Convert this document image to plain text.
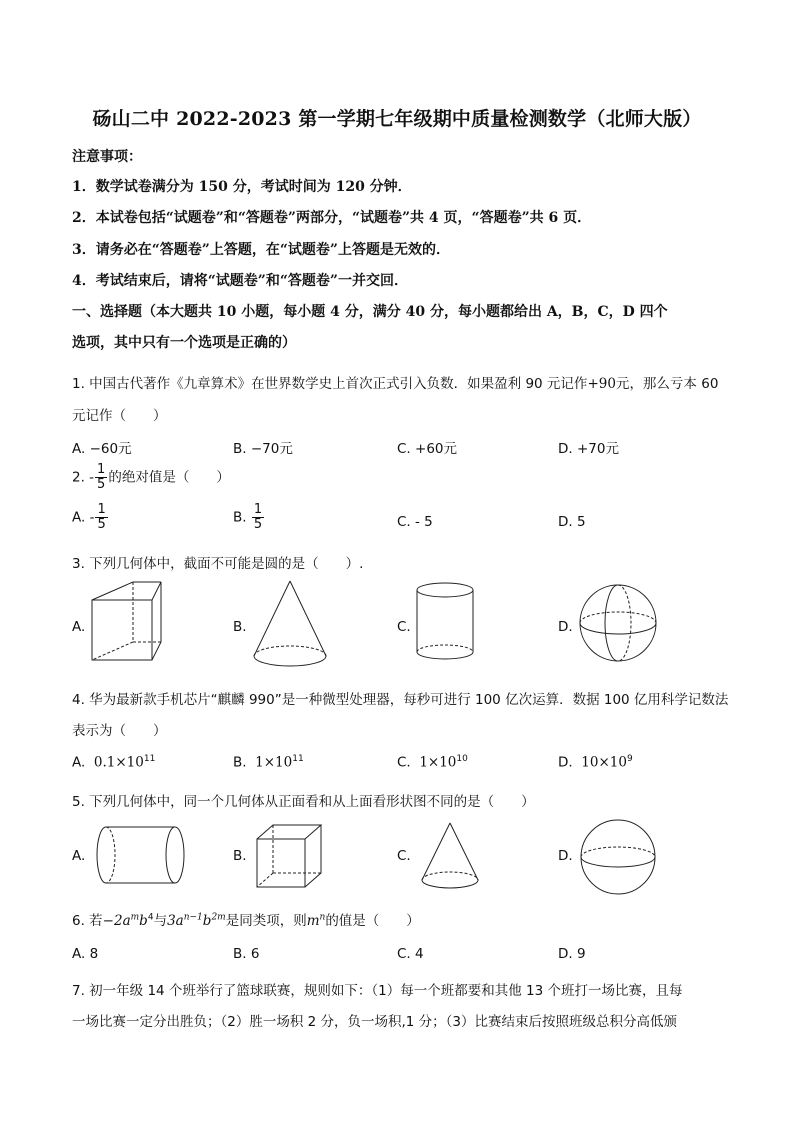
砀山二中 2022-2023 第一学期七年级期中质量检测数学（北师大版）
注意事项：
1．数学试卷满分为 150 分，考试时间为 120 分钟．
2．本试卷包括“试题卷”和“答题卷”两部分，“试题卷”共 4 页，“答题卷”共 6 页．
3．请务必在“答题卷”上答题，在“试题卷”上答题是无效的．
4．考试结束后，请将“试题卷”和“答题卷”一并交回．
一、选择题（本大题共 10 小题，每小题 4 分，满分 40 分，每小题都给出 A，B，C，D 四个
选项，其中只有一个选项是正确的）
1. 中国古代著作《九章算术》在世界数学史上首次正式引入负数．如果盈利 90 元记作+90元，那么亏本 60
元记作（　　）
A. −60元	B. −70元	C. +60元	D. +70元
2. - $\frac{1}{5}$ 的绝对值是（　　）
A. - $\frac{1}{5}$	B. $\frac{1}{5}$	C. - 5	D. 5
3. 下列几何体中，截面不可能是圆的是（　　）.
A.	B.	C.	D.
4. 华为最新款手机芯片“麒麟 990”是一种微型处理器，每秒可进行 100 亿次运算．数据 100 亿用科学记数法
表示为（　　）
A. $0.1\times 10^{11}$	B. $1\times 10^{11}$	C. $1\times 10^{10}$	D. $10\times 10^9$
5. 下列几何体中，同一个几何体从正面看和从上面看形状图不同的是（　　）
A.	B.	C.	D.
6. 若$-2a^mb^4$与$3a^{n-1}b^{2m}$是同类项，则$m^n$的值是（　　）
A. 8	B. 6	C. 4	D. 9
7. 初一年级 14 个班举行了篮球联赛，规则如下：（1）每一个班都要和其他 13 个班打一场比赛，且每
一场比赛一定分出胜负；（2）胜一场积 2 分，负一场积,1 分；（3）比赛结束后按照班级总积分高低颁
